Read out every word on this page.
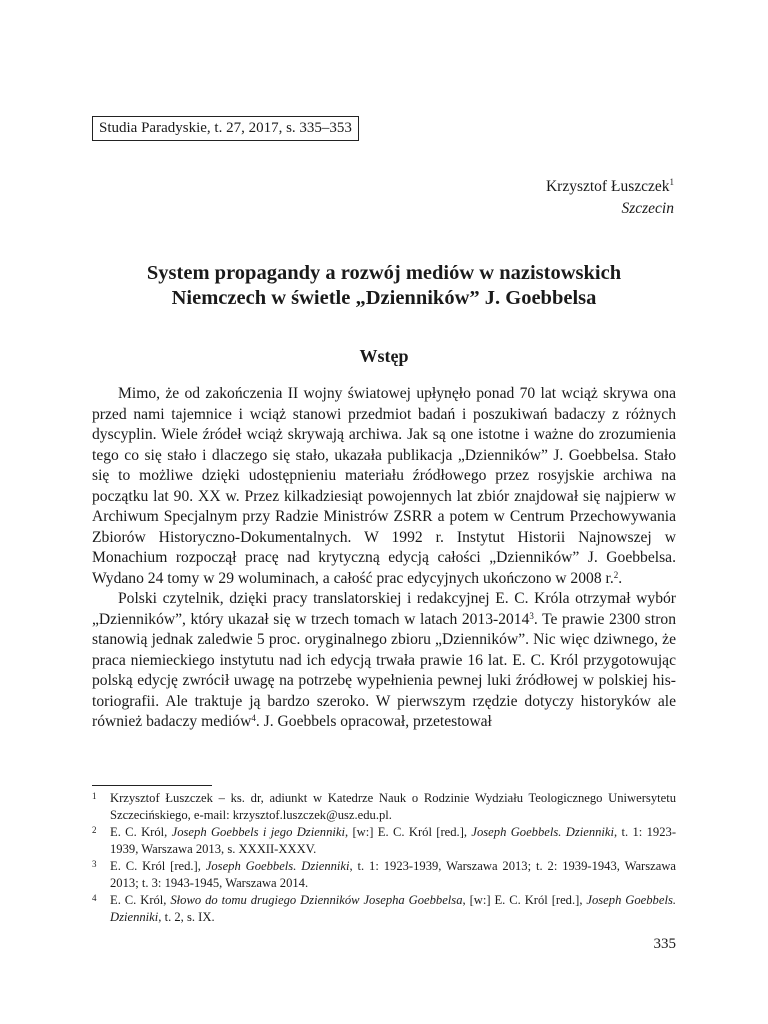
Studia Paradyskie, t. 27, 2017, s. 335–353
Krzysztof Łuszczek$^1$
Szczecin
System propagandy a rozwój mediów w nazistowskich
Niemczech w świetle „Dzienników” J. Goebbelsa
Wstęp

Mimo, że od zakończenia II wojny światowej upłynęło ponad 70 lat wciąż skrywa ona przed nami tajemnice i wciąż stanowi przedmiot badań i poszukiwań badaczy z różnych dyscyplin. Wiele źródeł wciąż skrywają archiwa. Jak są one istotne i ważne do zrozumienia tego co się stało i dlaczego się stało, ukazała publikacja „Dzienników” J. Goebbelsa. Stało się to możliwe dzięki udostępnieniu materiału źródłowego przez rosyjskie archiwa na początku lat 90. XX w. Przez kilkadziesiąt powojennych lat zbiór znajdował się najpierw w Archiwum Specjalnym przy Radzie Ministrów ZSRR a potem w Centrum Przechowywania Zbiorów Historyczno-Dokumentalnych. W 1992 r. Instytut Historii Najnowszej w Monachium rozpoczął pracę nad krytyczną edycją całości „Dzienników” J. Goebbelsa. Wydano 24 tomy w 29 woluminach, a całość prac edycyjnych ukończono w 2008 r.$^2$.

Polski czytelnik, dzięki pracy translatorskiej i redakcyjnej E. C. Króla otrzymał wybór „Dzienników”, który ukazał się w trzech tomach w latach 2013-2014$^3$. Te prawie 2300 stron stanowią jednak zaledwie 5 proc. oryginalnego zbioru „Dzienników”. Nic więc dziwnego, że praca niemieckiego instytutu nad ich edycją trwała prawie 16 lat. E. C. Król przygotowując polską edycję zwrócił uwagę na potrzebę wypełnienia pewnej luki źródłowej w polskiej historiografii. Ale traktuje ją bardzo szeroko. W pierwszym rzędzie dotyczy historyków ale również badaczy mediów$^4$. J. Goebbels opracował, przetestował

1 Krzysztof Łuszczek – ks. dr, adiunkt w Katedrze Nauk o Rodzinie Wydziału Teologicznego Uniwersytetu Szczecińskiego, e-mail: krzysztof.luszczek@usz.edu.pl.
2 E. C. Król, Joseph Goebbels i jego Dzienniki, [w:] E. C. Król [red.], Joseph Goebbels. Dzienniki, t. 1: 1923-1939, Warszawa 2013, s. XXXII-XXXV.
3 E. C. Król [red.], Joseph Goebbels. Dzienniki, t. 1: 1923-1939, Warszawa 2013; t. 2: 1939-1943, Warszawa 2013; t. 3: 1943-1945, Warszawa 2014.
4 E. C. Król, Słowo do tomu drugiego Dzienników Josepha Goebbelsa, [w:] E. C. Król [red.], Joseph Goebbels. Dzienniki, t. 2, s. IX.
335
